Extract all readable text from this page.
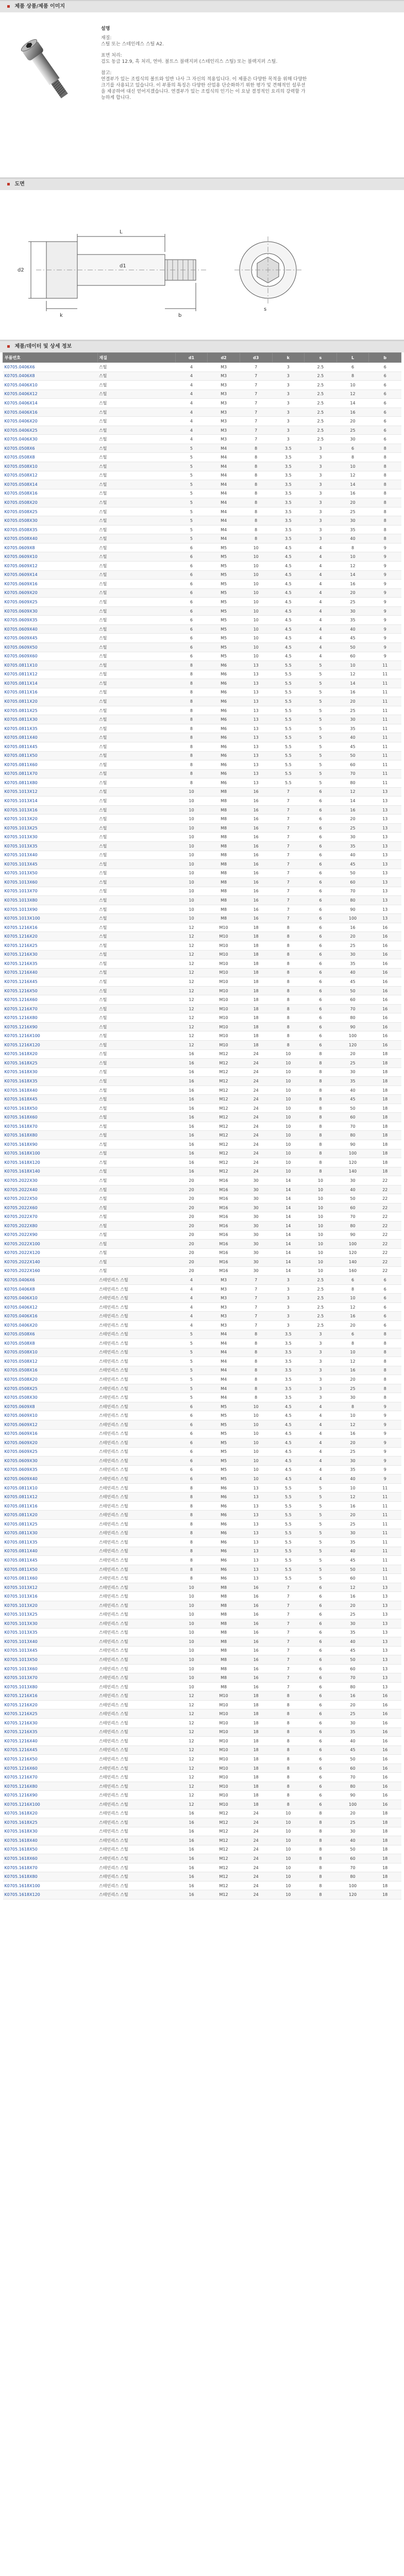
제품 상품/제품 이미지
설명

재질:
스틸 또는 스테인레스 스틸 A2.

표면 처리:
검도 동급 12.9, 흑 처리, 연마. 볼트스 블랙지퍼 (스테인리스 스틸) 또는 블랙지퍼 스틸.

참고:
연결부가 있는 조립식의 볼트와 일반 나사 그 자신의 적용입니다. 이 제품은 다양한 목적을 위해 다양한 크기를 사용되고 있습니다. 이 부품의 특징은 다양한 산업용 단순화하기 위한 평가 및 견해적인 설루션을 제공하여 대신 얻어지겠습니다. 연결부가 있는 조립식의 인기는 이 요날 결정적인 요리의 강력할 가능하게 합니다.

도면
L
b
k
d2
d1
s
제품/데이터 및 상세 정보
부품번호	재질	d1	d2	d3	k	s	L	b
K0705.0406X6	스틸	4	M3	7	3	2.5	6	6
K0705.0406X8	스틸	4	M3	7	3	2.5	8	6
K0705.0406X10	스틸	4	M3	7	3	2.5	10	6
K0705.0406X12	스틸	4	M3	7	3	2.5	12	6
K0705.0406X14	스틸	4	M3	7	3	2.5	14	6
K0705.0406X16	스틸	4	M3	7	3	2.5	16	6
K0705.0406X20	스틸	4	M3	7	3	2.5	20	6
K0705.0406X25	스틸	4	M3	7	3	2.5	25	6
K0705.0406X30	스틸	4	M3	7	3	2.5	30	6
K0705.0508X6	스틸	5	M4	8	3.5	3	6	8
K0705.0508X8	스틸	5	M4	8	3.5	3	8	8
K0705.0508X10	스틸	5	M4	8	3.5	3	10	8
K0705.0508X12	스틸	5	M4	8	3.5	3	12	8
K0705.0508X14	스틸	5	M4	8	3.5	3	14	8
K0705.0508X16	스틸	5	M4	8	3.5	3	16	8
K0705.0508X20	스틸	5	M4	8	3.5	3	20	8
K0705.0508X25	스틸	5	M4	8	3.5	3	25	8
K0705.0508X30	스틸	5	M4	8	3.5	3	30	8
K0705.0508X35	스틸	5	M4	8	3.5	3	35	8
K0705.0508X40	스틸	5	M4	8	3.5	3	40	8
K0705.0609X8	스틸	6	M5	10	4.5	4	8	9
K0705.0609X10	스틸	6	M5	10	4.5	4	10	9
K0705.0609X12	스틸	6	M5	10	4.5	4	12	9
K0705.0609X14	스틸	6	M5	10	4.5	4	14	9
K0705.0609X16	스틸	6	M5	10	4.5	4	16	9
K0705.0609X20	스틸	6	M5	10	4.5	4	20	9
K0705.0609X25	스틸	6	M5	10	4.5	4	25	9
K0705.0609X30	스틸	6	M5	10	4.5	4	30	9
K0705.0609X35	스틸	6	M5	10	4.5	4	35	9
K0705.0609X40	스틸	6	M5	10	4.5	4	40	9
K0705.0609X45	스틸	6	M5	10	4.5	4	45	9
K0705.0609X50	스틸	6	M5	10	4.5	4	50	9
K0705.0609X60	스틸	6	M5	10	4.5	4	60	9
K0705.0811X10	스틸	8	M6	13	5.5	5	10	11
K0705.0811X12	스틸	8	M6	13	5.5	5	12	11
K0705.0811X14	스틸	8	M6	13	5.5	5	14	11
K0705.0811X16	스틸	8	M6	13	5.5	5	16	11
K0705.0811X20	스틸	8	M6	13	5.5	5	20	11
K0705.0811X25	스틸	8	M6	13	5.5	5	25	11
K0705.0811X30	스틸	8	M6	13	5.5	5	30	11
K0705.0811X35	스틸	8	M6	13	5.5	5	35	11
K0705.0811X40	스틸	8	M6	13	5.5	5	40	11
K0705.0811X45	스틸	8	M6	13	5.5	5	45	11
K0705.0811X50	스틸	8	M6	13	5.5	5	50	11
K0705.0811X60	스틸	8	M6	13	5.5	5	60	11
K0705.0811X70	스틸	8	M6	13	5.5	5	70	11
K0705.0811X80	스틸	8	M6	13	5.5	5	80	11
K0705.1013X12	스틸	10	M8	16	7	6	12	13
K0705.1013X14	스틸	10	M8	16	7	6	14	13
K0705.1013X16	스틸	10	M8	16	7	6	16	13
K0705.1013X20	스틸	10	M8	16	7	6	20	13
K0705.1013X25	스틸	10	M8	16	7	6	25	13
K0705.1013X30	스틸	10	M8	16	7	6	30	13
K0705.1013X35	스틸	10	M8	16	7	6	35	13
K0705.1013X40	스틸	10	M8	16	7	6	40	13
K0705.1013X45	스틸	10	M8	16	7	6	45	13
K0705.1013X50	스틸	10	M8	16	7	6	50	13
K0705.1013X60	스틸	10	M8	16	7	6	60	13
K0705.1013X70	스틸	10	M8	16	7	6	70	13
K0705.1013X80	스틸	10	M8	16	7	6	80	13
K0705.1013X90	스틸	10	M8	16	7	6	90	13
K0705.1013X100	스틸	10	M8	16	7	6	100	13
K0705.1216X16	스틸	12	M10	18	8	6	16	16
K0705.1216X20	스틸	12	M10	18	8	6	20	16
K0705.1216X25	스틸	12	M10	18	8	6	25	16
K0705.1216X30	스틸	12	M10	18	8	6	30	16
K0705.1216X35	스틸	12	M10	18	8	6	35	16
K0705.1216X40	스틸	12	M10	18	8	6	40	16
K0705.1216X45	스틸	12	M10	18	8	6	45	16
K0705.1216X50	스틸	12	M10	18	8	6	50	16
K0705.1216X60	스틸	12	M10	18	8	6	60	16
K0705.1216X70	스틸	12	M10	18	8	6	70	16
K0705.1216X80	스틸	12	M10	18	8	6	80	16
K0705.1216X90	스틸	12	M10	18	8	6	90	16
K0705.1216X100	스틸	12	M10	18	8	6	100	16
K0705.1216X120	스틸	12	M10	18	8	6	120	16
K0705.1618X20	스틸	16	M12	24	10	8	20	18
K0705.1618X25	스틸	16	M12	24	10	8	25	18
K0705.1618X30	스틸	16	M12	24	10	8	30	18
K0705.1618X35	스틸	16	M12	24	10	8	35	18
K0705.1618X40	스틸	16	M12	24	10	8	40	18
K0705.1618X45	스틸	16	M12	24	10	8	45	18
K0705.1618X50	스틸	16	M12	24	10	8	50	18
K0705.1618X60	스틸	16	M12	24	10	8	60	18
K0705.1618X70	스틸	16	M12	24	10	8	70	18
K0705.1618X80	스틸	16	M12	24	10	8	80	18
K0705.1618X90	스틸	16	M12	24	10	8	90	18
K0705.1618X100	스틸	16	M12	24	10	8	100	18
K0705.1618X120	스틸	16	M12	24	10	8	120	18
K0705.1618X140	스틸	16	M12	24	10	8	140	18
K0705.2022X30	스틸	20	M16	30	14	10	30	22
K0705.2022X40	스틸	20	M16	30	14	10	40	22
K0705.2022X50	스틸	20	M16	30	14	10	50	22
K0705.2022X60	스틸	20	M16	30	14	10	60	22
K0705.2022X70	스틸	20	M16	30	14	10	70	22
K0705.2022X80	스틸	20	M16	30	14	10	80	22
K0705.2022X90	스틸	20	M16	30	14	10	90	22
K0705.2022X100	스틸	20	M16	30	14	10	100	22
K0705.2022X120	스틸	20	M16	30	14	10	120	22
K0705.2022X140	스틸	20	M16	30	14	10	140	22
K0705.2022X160	스틸	20	M16	30	14	10	160	22
K0705.0406X6	스테인리스 스틸	4	M3	7	3	2.5	6	6
K0705.0406X8	스테인리스 스틸	4	M3	7	3	2.5	8	6
K0705.0406X10	스테인리스 스틸	4	M3	7	3	2.5	10	6
K0705.0406X12	스테인리스 스틸	4	M3	7	3	2.5	12	6
K0705.0406X16	스테인리스 스틸	4	M3	7	3	2.5	16	6
K0705.0406X20	스테인리스 스틸	4	M3	7	3	2.5	20	6
K0705.0508X6	스테인리스 스틸	5	M4	8	3.5	3	6	8
K0705.0508X8	스테인리스 스틸	5	M4	8	3.5	3	8	8
K0705.0508X10	스테인리스 스틸	5	M4	8	3.5	3	10	8
K0705.0508X12	스테인리스 스틸	5	M4	8	3.5	3	12	8
K0705.0508X16	스테인리스 스틸	5	M4	8	3.5	3	16	8
K0705.0508X20	스테인리스 스틸	5	M4	8	3.5	3	20	8
K0705.0508X25	스테인리스 스틸	5	M4	8	3.5	3	25	8
K0705.0508X30	스테인리스 스틸	5	M4	8	3.5	3	30	8
K0705.0609X8	스테인리스 스틸	6	M5	10	4.5	4	8	9
K0705.0609X10	스테인리스 스틸	6	M5	10	4.5	4	10	9
K0705.0609X12	스테인리스 스틸	6	M5	10	4.5	4	12	9
K0705.0609X16	스테인리스 스틸	6	M5	10	4.5	4	16	9
K0705.0609X20	스테인리스 스틸	6	M5	10	4.5	4	20	9
K0705.0609X25	스테인리스 스틸	6	M5	10	4.5	4	25	9
K0705.0609X30	스테인리스 스틸	6	M5	10	4.5	4	30	9
K0705.0609X35	스테인리스 스틸	6	M5	10	4.5	4	35	9
K0705.0609X40	스테인리스 스틸	6	M5	10	4.5	4	40	9
K0705.0811X10	스테인리스 스틸	8	M6	13	5.5	5	10	11
K0705.0811X12	스테인리스 스틸	8	M6	13	5.5	5	12	11
K0705.0811X16	스테인리스 스틸	8	M6	13	5.5	5	16	11
K0705.0811X20	스테인리스 스틸	8	M6	13	5.5	5	20	11
K0705.0811X25	스테인리스 스틸	8	M6	13	5.5	5	25	11
K0705.0811X30	스테인리스 스틸	8	M6	13	5.5	5	30	11
K0705.0811X35	스테인리스 스틸	8	M6	13	5.5	5	35	11
K0705.0811X40	스테인리스 스틸	8	M6	13	5.5	5	40	11
K0705.0811X45	스테인리스 스틸	8	M6	13	5.5	5	45	11
K0705.0811X50	스테인리스 스틸	8	M6	13	5.5	5	50	11
K0705.0811X60	스테인리스 스틸	8	M6	13	5.5	5	60	11
K0705.1013X12	스테인리스 스틸	10	M8	16	7	6	12	13
K0705.1013X16	스테인리스 스틸	10	M8	16	7	6	16	13
K0705.1013X20	스테인리스 스틸	10	M8	16	7	6	20	13
K0705.1013X25	스테인리스 스틸	10	M8	16	7	6	25	13
K0705.1013X30	스테인리스 스틸	10	M8	16	7	6	30	13
K0705.1013X35	스테인리스 스틸	10	M8	16	7	6	35	13
K0705.1013X40	스테인리스 스틸	10	M8	16	7	6	40	13
K0705.1013X45	스테인리스 스틸	10	M8	16	7	6	45	13
K0705.1013X50	스테인리스 스틸	10	M8	16	7	6	50	13
K0705.1013X60	스테인리스 스틸	10	M8	16	7	6	60	13
K0705.1013X70	스테인리스 스틸	10	M8	16	7	6	70	13
K0705.1013X80	스테인리스 스틸	10	M8	16	7	6	80	13
K0705.1216X16	스테인리스 스틸	12	M10	18	8	6	16	16
K0705.1216X20	스테인리스 스틸	12	M10	18	8	6	20	16
K0705.1216X25	스테인리스 스틸	12	M10	18	8	6	25	16
K0705.1216X30	스테인리스 스틸	12	M10	18	8	6	30	16
K0705.1216X35	스테인리스 스틸	12	M10	18	8	6	35	16
K0705.1216X40	스테인리스 스틸	12	M10	18	8	6	40	16
K0705.1216X45	스테인리스 스틸	12	M10	18	8	6	45	16
K0705.1216X50	스테인리스 스틸	12	M10	18	8	6	50	16
K0705.1216X60	스테인리스 스틸	12	M10	18	8	6	60	16
K0705.1216X70	스테인리스 스틸	12	M10	18	8	6	70	16
K0705.1216X80	스테인리스 스틸	12	M10	18	8	6	80	16
K0705.1216X90	스테인리스 스틸	12	M10	18	8	6	90	16
K0705.1216X100	스테인리스 스틸	12	M10	18	8	6	100	16
K0705.1618X20	스테인리스 스틸	16	M12	24	10	8	20	18
K0705.1618X25	스테인리스 스틸	16	M12	24	10	8	25	18
K0705.1618X30	스테인리스 스틸	16	M12	24	10	8	30	18
K0705.1618X40	스테인리스 스틸	16	M12	24	10	8	40	18
K0705.1618X50	스테인리스 스틸	16	M12	24	10	8	50	18
K0705.1618X60	스테인리스 스틸	16	M12	24	10	8	60	18
K0705.1618X70	스테인리스 스틸	16	M12	24	10	8	70	18
K0705.1618X80	스테인리스 스틸	16	M12	24	10	8	80	18
K0705.1618X100	스테인리스 스틸	16	M12	24	10	8	100	18
K0705.1618X120	스테인리스 스틸	16	M12	24	10	8	120	18
